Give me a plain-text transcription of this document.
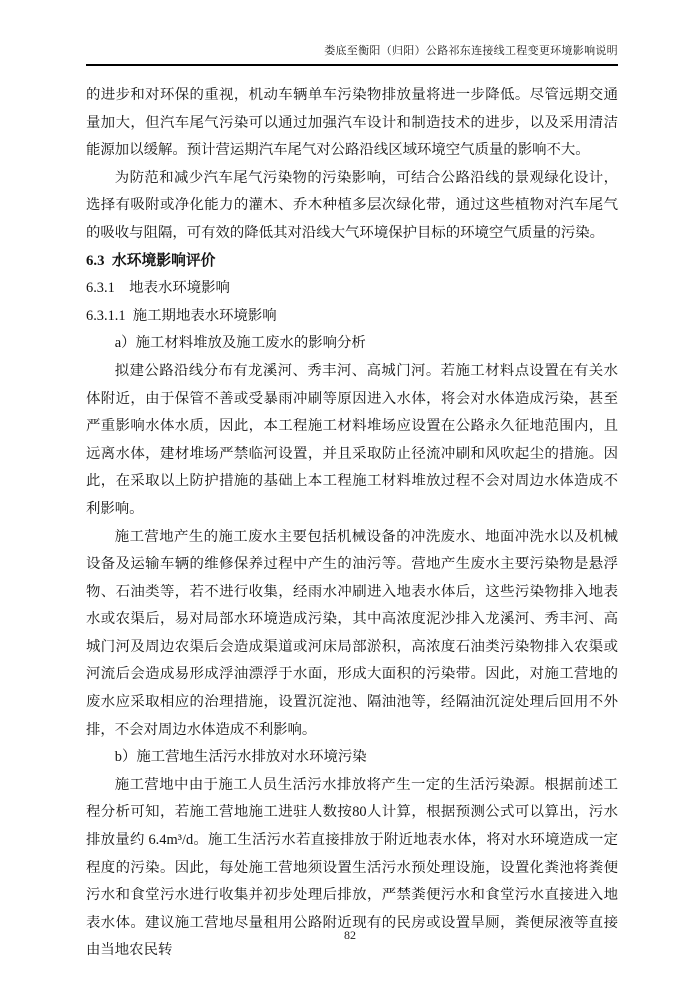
娄底至衡阳（归阳）公路祁东连接线工程变更环境影响说明

的进步和对环保的重视，机动车辆单车污染物排放量将进一步降低。尽管远期交通量加大，但汽车尾气污染可以通过加强汽车设计和制造技术的进步，以及采用清洁能源加以缓解。预计营运期汽车尾气对公路沿线区域环境空气质量的影响不大。

为防范和减少汽车尾气污染物的污染影响，可结合公路沿线的景观绿化设计，选择有吸附或净化能力的灌木、乔木种植多层次绿化带，通过这些植物对汽车尾气的吸收与阻隔，可有效的降低其对沿线大气环境保护目标的环境空气质量的污染。

6.3  水环境影响评价
6.3.1    地表水环境影响
6.3.1.1  施工期地表水环境影响

a）施工材料堆放及施工废水的影响分析

拟建公路沿线分布有龙溪河、秀丰河、高城门河。若施工材料点设置在有关水体附近，由于保管不善或受暴雨冲刷等原因进入水体，将会对水体造成污染，甚至严重影响水体水质，因此，本工程施工材料堆场应设置在公路永久征地范围内，且远离水体，建材堆场严禁临河设置，并且采取防止径流冲刷和风吹起尘的措施。因此，在采取以上防护措施的基础上本工程施工材料堆放过程不会对周边水体造成不利影响。

施工营地产生的施工废水主要包括机械设备的冲洗废水、地面冲洗水以及机械设备及运输车辆的维修保养过程中产生的油污等。营地产生废水主要污染物是悬浮物、石油类等，若不进行收集，经雨水冲刷进入地表水体后，这些污染物排入地表水或农渠后，易对局部水环境造成污染，其中高浓度泥沙排入龙溪河、秀丰河、高城门河及周边农渠后会造成渠道或河床局部淤积，高浓度石油类污染物排入农渠或河流后会造成易形成浮油漂浮于水面，形成大面积的污染带。因此，对施工营地的废水应采取相应的治理措施，设置沉淀池、隔油池等，经隔油沉淀处理后回用不外排，不会对周边水体造成不利影响。

b）施工营地生活污水排放对水环境污染

施工营地中由于施工人员生活污水排放将产生一定的生活污染源。根据前述工程分析可知，若施工营地施工进驻人数按80人计算，根据预测公式可以算出，污水排放量约 6.4m³/d。施工生活污水若直接排放于附近地表水体，将对水环境造成一定程度的污染。因此，每处施工营地须设置生活污水预处理设施，设置化粪池将粪便污水和食堂污水进行收集并初步处理后排放，严禁粪便污水和食堂污水直接进入地表水体。建议施工营地尽量租用公路附近现有的民房或设置旱厕，粪便尿液等直接由当地农民转

82
